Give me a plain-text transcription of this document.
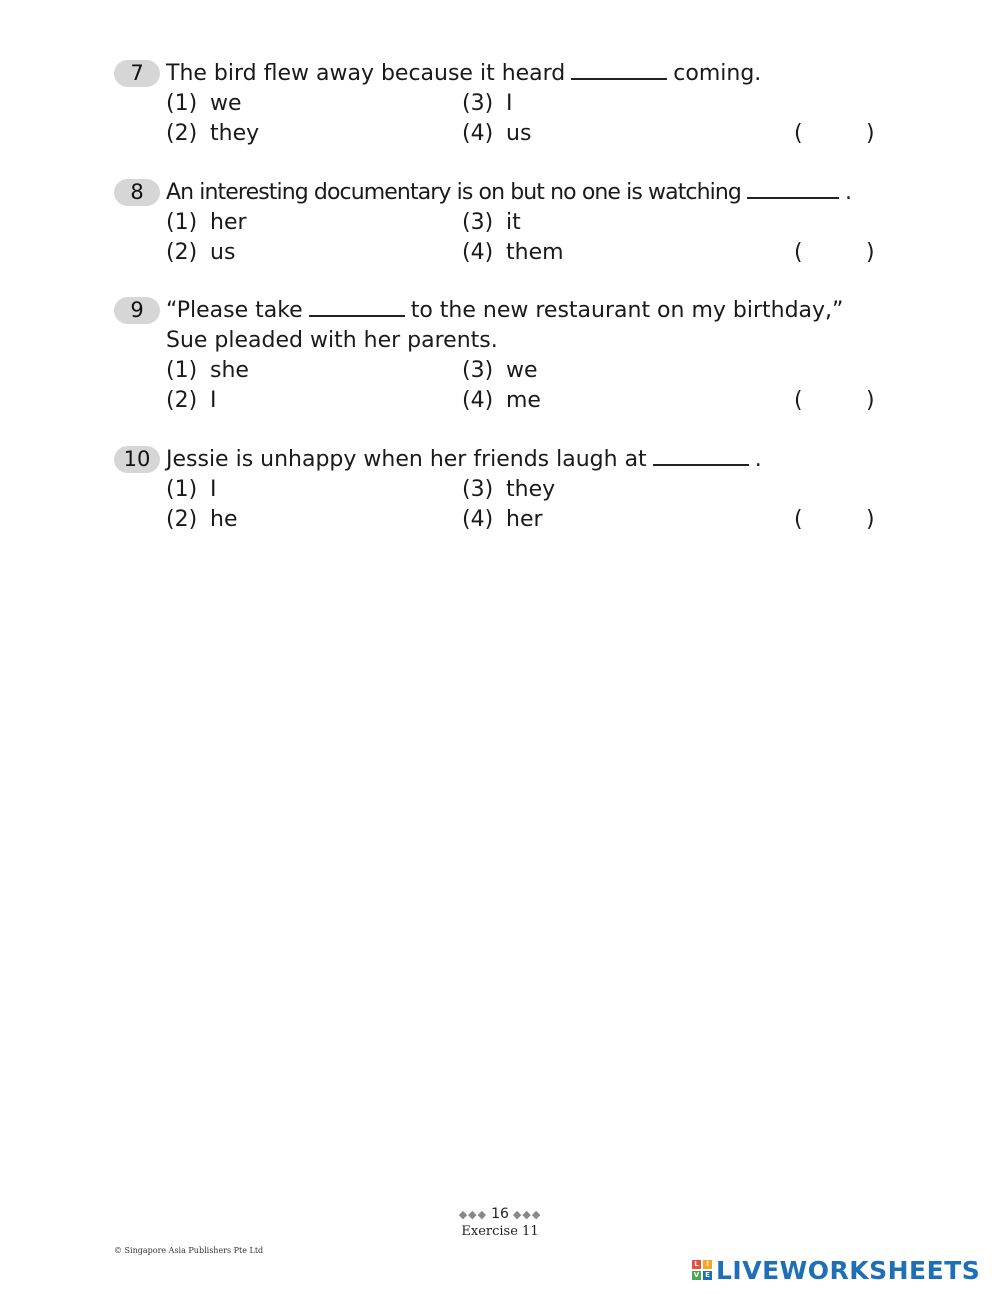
7	The bird flew away because it heard	coming.
(1) we	(3) I
(2) they	(4) us	(	)
8	An interesting documentary is on but no one is watching	.
(1) her	(3) it
(2) us	(4) them	(	)
9	“Please take	to the new restaurant on my birthday,”
Sue pleaded with her parents.
(1) she	(3) we
(2) I	(4) me	(	)
10 Jessie is unhappy when her friends laugh at	.
(1) I	(3) they
(2) he	(4) her	(	)
◆◆◆ 16 ◆◆◆
Exercise 11
© Singapore Asia Publishers Pte Ltd
L	I
V E LIVEWORKSHEETS
